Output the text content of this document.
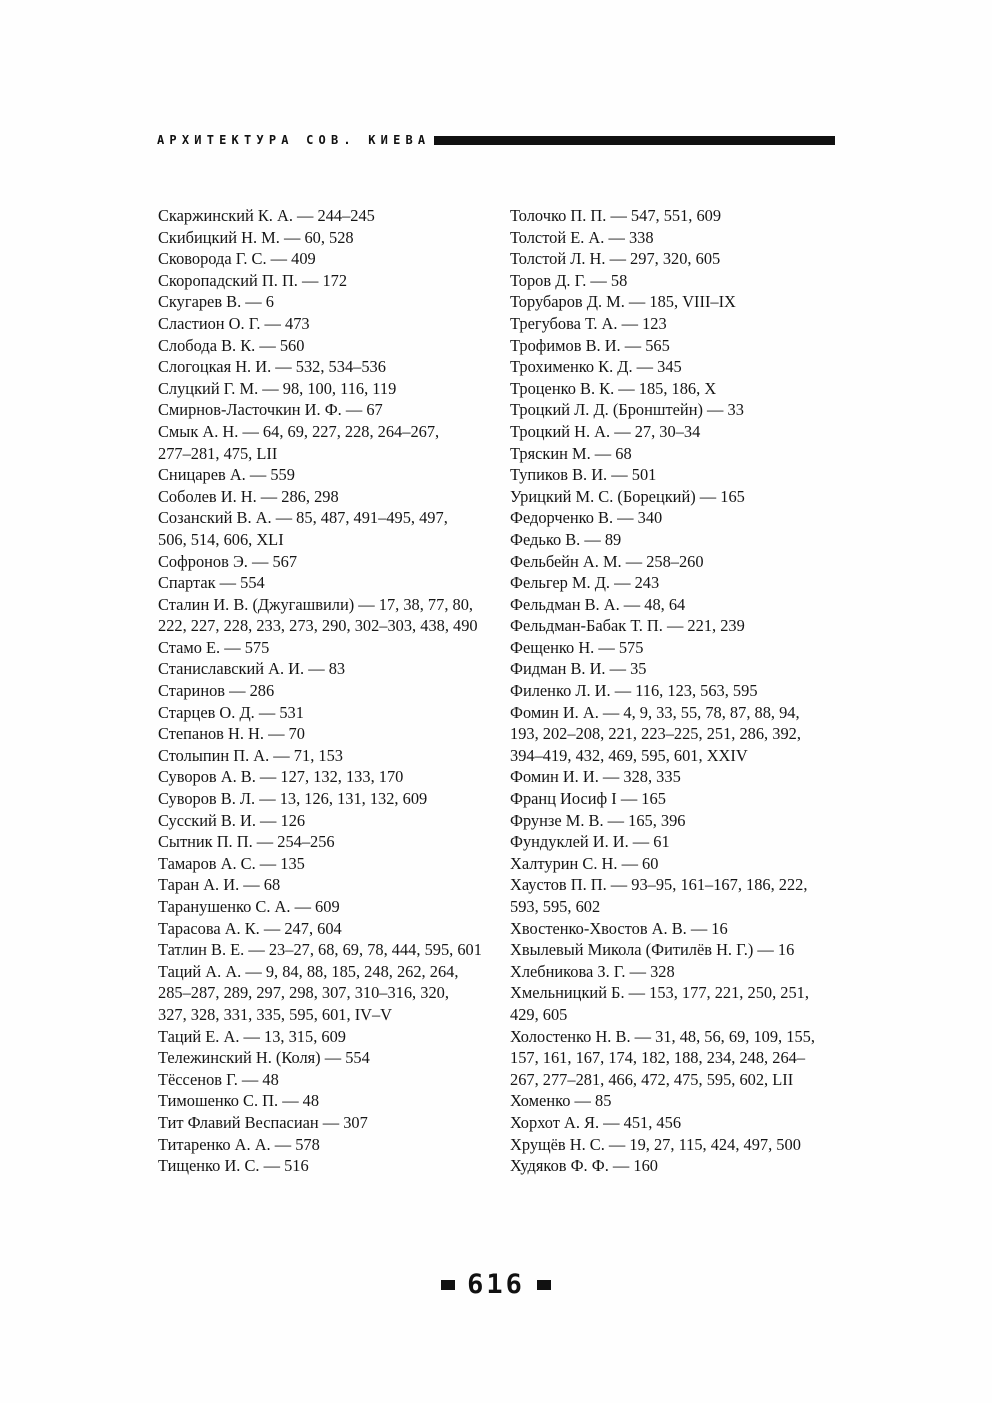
АРХИТЕКТУРА СОВ. КИЕВА

Скаржинский К. А. — 244–245

Скибицкий Н. М. — 60, 528

Сковорода Г. С. — 409

Скоропадский П. П. — 172

Скугарев В. — 6

Сластион О. Г. — 473

Слобода В. К. — 560

Слогоцкая Н. И. — 532, 534–536

Слуцкий Г. М. — 98, 100, 116, 119

Смирнов-Ласточкин И. Ф. — 67

Смык А. Н. — 64, 69, 227, 228, 264–267,

277–281, 475, LII

Сницарев А. — 559

Соболев И. Н. — 286, 298

Созанский В. А. — 85, 487, 491–495, 497,

506, 514, 606, XLI

Софронов Э. — 567

Спартак — 554

Сталин И. В. (Джугашвили) — 17, 38, 77, 80,

222, 227, 228, 233, 273, 290, 302–303, 438, 490

Стамо Е. — 575

Станиславский А. И. — 83

Старинов — 286

Старцев О. Д. — 531

Степанов Н. Н. — 70

Столыпин П. А. — 71, 153

Суворов А. В. — 127, 132, 133, 170

Суворов В. Л. — 13, 126, 131, 132, 609

Сусский В. И. — 126

Сытник П. П. — 254–256

Тамаров А. С. — 135

Таран А. И. — 68

Таранушенко С. А. — 609

Тарасова А. К. — 247, 604

Татлин В. Е. — 23–27, 68, 69, 78, 444, 595, 601

Таций А. А. — 9, 84, 88, 185, 248, 262, 264,

285–287, 289, 297, 298, 307, 310–316, 320,

327, 328, 331, 335, 595, 601, IV–V

Таций Е. А. — 13, 315, 609

Тележинский Н. (Коля) — 554

Тёссенов Г. — 48

Тимошенко С. П. — 48

Тит Флавий Веспасиан — 307

Титаренко А. А. — 578

Тищенко И. С. — 516

Толочко П. П. — 547, 551, 609

Толстой Е. А. — 338

Толстой Л. Н. — 297, 320, 605

Торов Д. Г. — 58

Торубаров Д. М. — 185, VIII–IX

Трегубова Т. А. — 123

Трофимов В. И. — 565

Трохименко К. Д. — 345

Троценко В. К. — 185, 186, X

Троцкий Л. Д. (Бронштейн) — 33

Троцкий Н. А. — 27, 30–34

Тряскин М. — 68

Тупиков В. И. — 501

Урицкий М. С. (Борецкий) — 165

Федорченко В. — 340

Федько В. — 89

Фельбейн А. М. — 258–260

Фельгер М. Д. — 243

Фельдман В. А. — 48, 64

Фельдман-Бабак Т. П. — 221, 239

Фещенко Н. — 575

Фидман В. И. — 35

Филенко Л. И. — 116, 123, 563, 595

Фомин И. А. — 4, 9, 33, 55, 78, 87, 88, 94,

193, 202–208, 221, 223–225, 251, 286, 392,

394–419, 432, 469, 595, 601, XXIV

Фомин И. И. — 328, 335

Франц Иосиф I — 165

Фрунзе М. В. — 165, 396

Фундуклей И. И. — 61

Халтурин С. Н. — 60

Хаустов П. П. — 93–95, 161–167, 186, 222,

593, 595, 602

Хвостенко-Хвостов А. В. — 16

Хвылевый Микола (Фитилёв Н. Г.) — 16

Хлебникова З. Г. — 328

Хмельницкий Б. — 153, 177, 221, 250, 251,

429, 605

Холостенко Н. В. — 31, 48, 56, 69, 109, 155,

157, 161, 167, 174, 182, 188, 234, 248, 264–

267, 277–281, 466, 472, 475, 595, 602, LII

Хоменко — 85

Хорхот А. Я. — 451, 456

Хрущёв Н. С. — 19, 27, 115, 424, 497, 500

Худяков Ф. Ф. — 160

616
